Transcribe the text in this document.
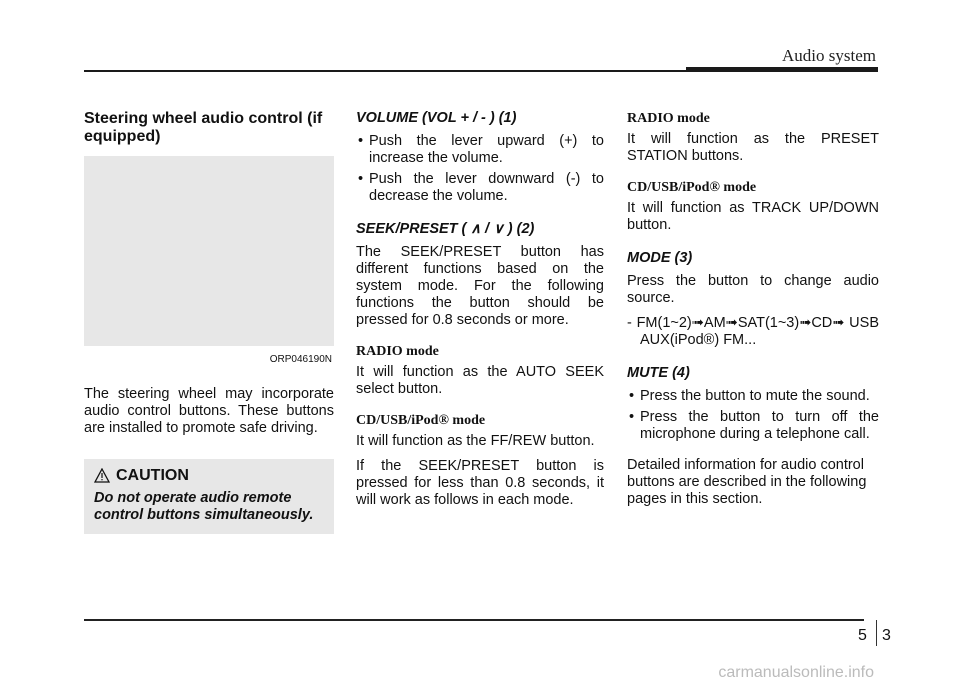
Audio system
Steering wheel audio control (if equipped)
ORP046190N

The steering wheel may incorporate audio control buttons. These buttons are installed to promote safe driving.

CAUTION
Do not operate audio remote control buttons simultaneously.
VOLUME (VOL + / - ) (1)
• Push the lever upward (+) to increase the volume.
• Push the lever downward (-) to decrease the volume.
SEEK/PRESET ( ∧ / ∨ ) (2)

The SEEK/PRESET button has different functions based on the system mode. For the following functions the button should be pressed for 0.8 seconds or more.

RADIO mode

It will function as the AUTO SEEK select button.

CD/USB/iPod® mode

It will function as the FF/REW button.

If the SEEK/PRESET button is pressed for less than 0.8 seconds, it will work as follows in each mode.

RADIO mode

It will function as the PRESET STATION buttons.

CD/USB/iPod® mode

It will function as TRACK UP/DOWN button.

MODE (3)

Press the button to change audio source.

- FM(1~2)➟AM➟SAT(1~3)➟CD➟ USB AUX(iPod®) FM...

MUTE (4)
• Press the button to mute the sound.
• Press the button to turn off the microphone during a telephone call.

Detailed information for audio control buttons are described in the following pages in this section.

5 3
carmanualsonline.info
